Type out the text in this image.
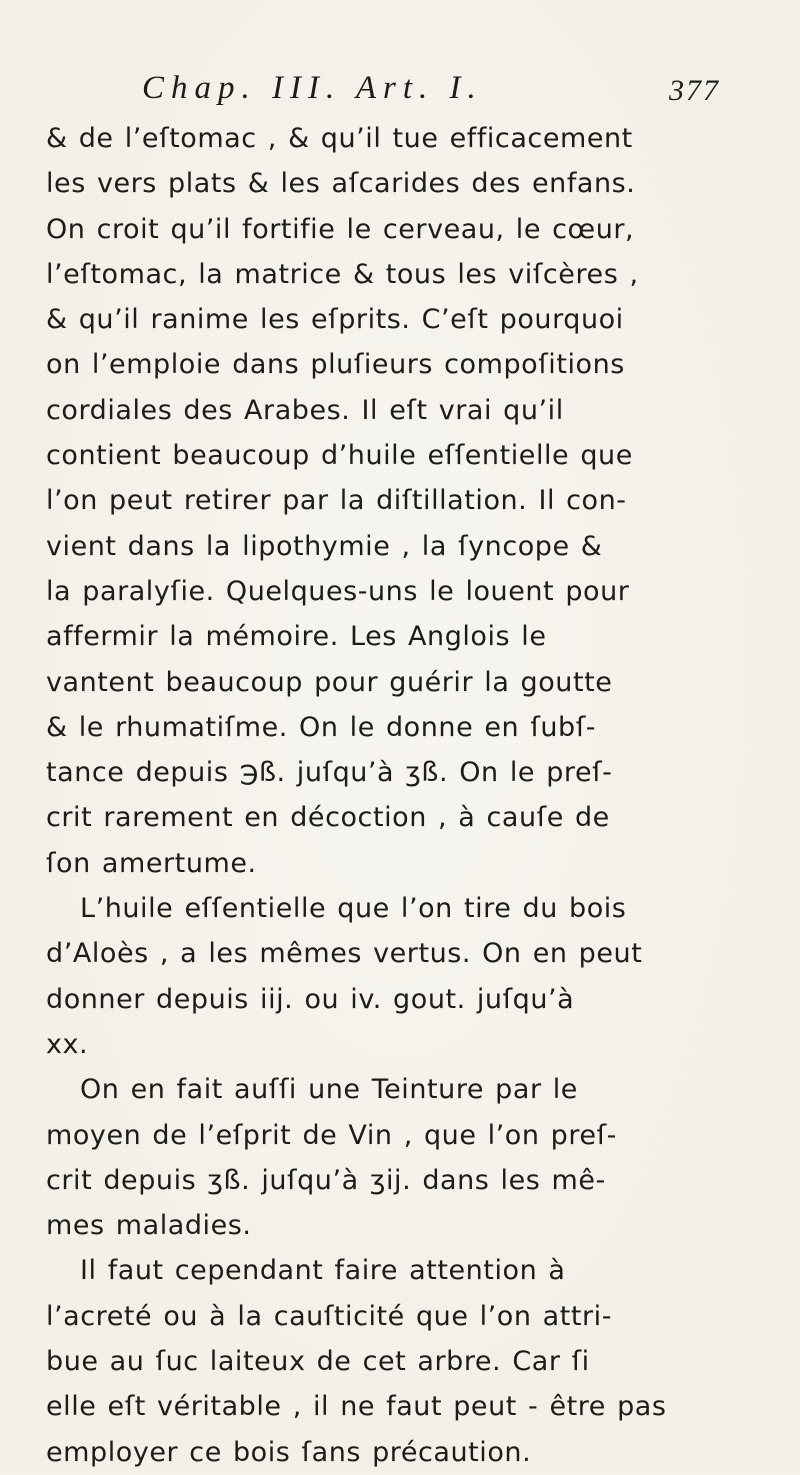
Chap. III. Art. I.	377
& de l’eſtomac , & qu’il tue efficacement
les vers plats & les aſcarides des enfans.
On croit qu’il fortifie le cerveau, le cœur,
l’eſtomac, la matrice & tous les viſcères ,
& qu’il ranime les eſprits. C’eſt pourquoi
on l’emploie dans pluſieurs compoſitions
cordiales des Arabes. Il eſt vrai qu’il
contient beaucoup d’huile eſſentielle que
l’on peut retirer par la diſtillation. Il con-
vient dans la lipothymie , la ſyncope &
la paralyſie. Quelques-uns le louent pour
affermir la mémoire. Les Anglois le
vantent beaucoup pour guérir la goutte
& le rhumatiſme. On le donne en ſubſ-
tance depuis ℈ß. juſqu’à ʒß. On le preſ-
crit rarement en décoction , à cauſe de
ſon amertume.
L’huile eſſentielle que l’on tire du bois
d’Aloès , a les mêmes vertus. On en peut
donner depuis iij. ou iv. gout. juſqu’à
xx.
On en fait auſſi une Teinture par le
moyen de l’eſprit de Vin , que l’on preſ-
crit depuis ʒß. juſqu’à ʒij. dans les mê-
mes maladies.
Il faut cependant faire attention à
l’acreté ou à la cauſticité que l’on attri-
bue au ſuc laiteux de cet arbre. Car ſi
elle eſt véritable , il ne faut peut - être pas
employer ce bois ſans précaution.
